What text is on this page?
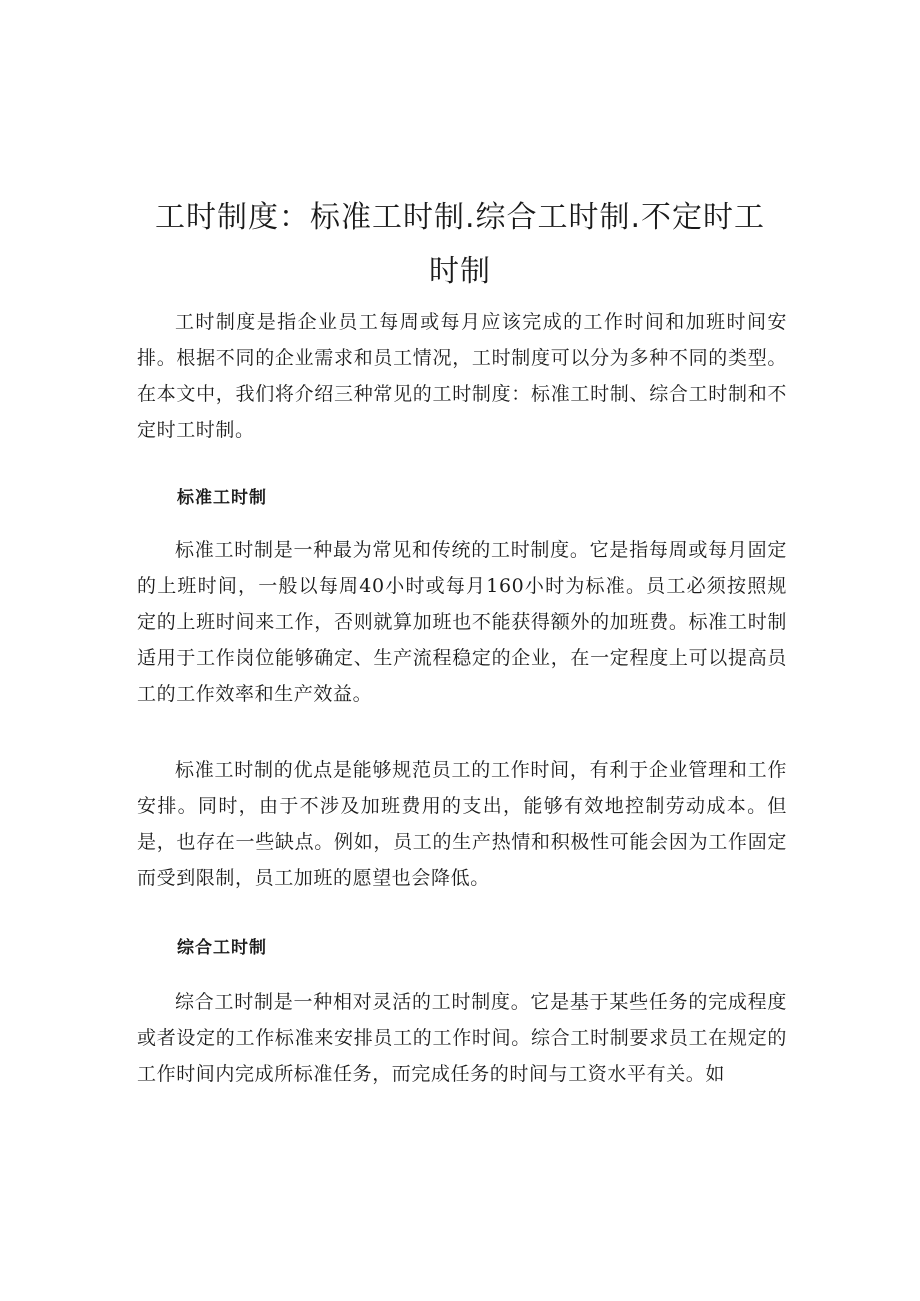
工时制度：标准工时制.综合工时制.不定时工时制

工时制度是指企业员工每周或每月应该完成的工作时间和加班时间安排。根据不同的企业需求和员工情况，工时制度可以分为多种不同的类型。在本文中，我们将介绍三种常见的工时制度：标准工时制、综合工时制和不定时工时制。

标准工时制

标准工时制是一种最为常见和传统的工时制度。它是指每周或每月固定的上班时间，一般以每周40小时或每月160小时为标准。员工必须按照规定的上班时间来工作，否则就算加班也不能获得额外的加班费。标准工时制适用于工作岗位能够确定、生产流程稳定的企业，在一定程度上可以提高员工的工作效率和生产效益。

标准工时制的优点是能够规范员工的工作时间，有利于企业管理和工作安排。同时，由于不涉及加班费用的支出，能够有效地控制劳动成本。但是，也存在一些缺点。例如，员工的生产热情和积极性可能会因为工作固定而受到限制，员工加班的愿望也会降低。

综合工时制

综合工时制是一种相对灵活的工时制度。它是基于某些任务的完成程度或者设定的工作标准来安排员工的工作时间。综合工时制要求员工在规定的工作时间内完成所标准任务，而完成任务的时间与工资水平有关。如
